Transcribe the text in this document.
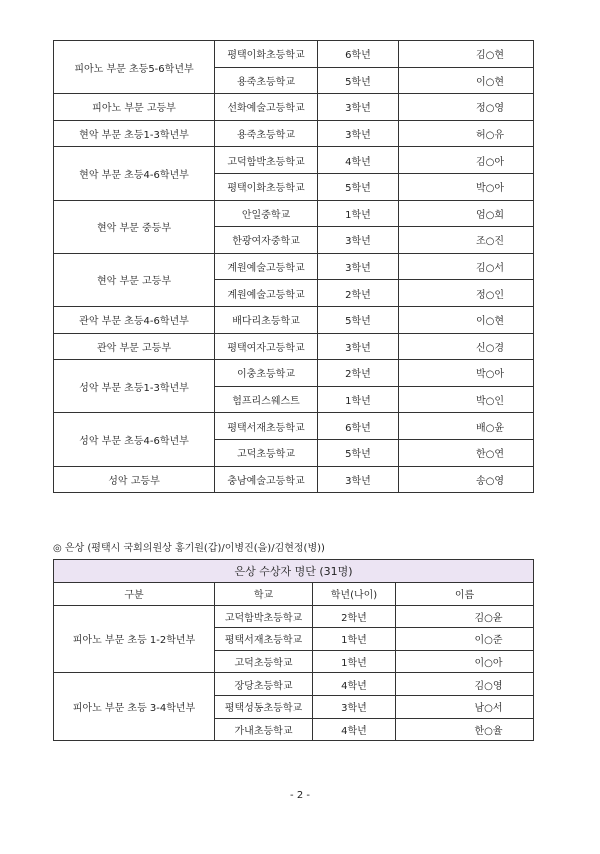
피아노 부문 초등5-6학년부	평택이화초등학교	6학년	김○현
	용죽초등학교	5학년	이○현
피아노 부문 고등부	선화예술고등학교	3학년	정○영
현악 부문 초등1-3학년부	용죽초등학교	3학년	허○유
현악 부문 초등4-6학년부	고덕함박초등학교	4학년	김○아
	평택이화초등학교	5학년	박○아
현악 부문 중등부	안일중학교	1학년	엄○희
	한광여자중학교	3학년	조○진
현악 부문 고등부	계원예술고등학교	3학년	김○서
	계원예술고등학교	2학년	정○인
관악 부문 초등4-6학년부	배다리초등학교	5학년	이○현
관악 부문 고등부	평택여자고등학교	3학년	신○경
성악 부문 초등1-3학년부	이충초등학교	2학년	박○아
	험프리스웨스트	1학년	박○인
성악 부문 초등4-6학년부	평택서재초등학교	6학년	배○윤
	고덕초등학교	5학년	한○연
성악 고등부	충남예술고등학교	3학년	송○영
◎ 은상 (평택시 국회의원상 홍기원(갑)/이병진(을)/김현정(병))
은상 수상자 명단 (31명)			
구분	학교	학년(나이)	이름
피아노 부문 초등 1-2학년부	고덕함박초등학교	2학년	김○윤
	평택서재초등학교	1학년	이○준
	고덕초등학교	1학년	이○아
피아노 부문 초등 3-4학년부	장당초등학교	4학년	김○영
	평택성동초등학교	3학년	남○서
	가내초등학교	4학년	한○율
- 2 -
